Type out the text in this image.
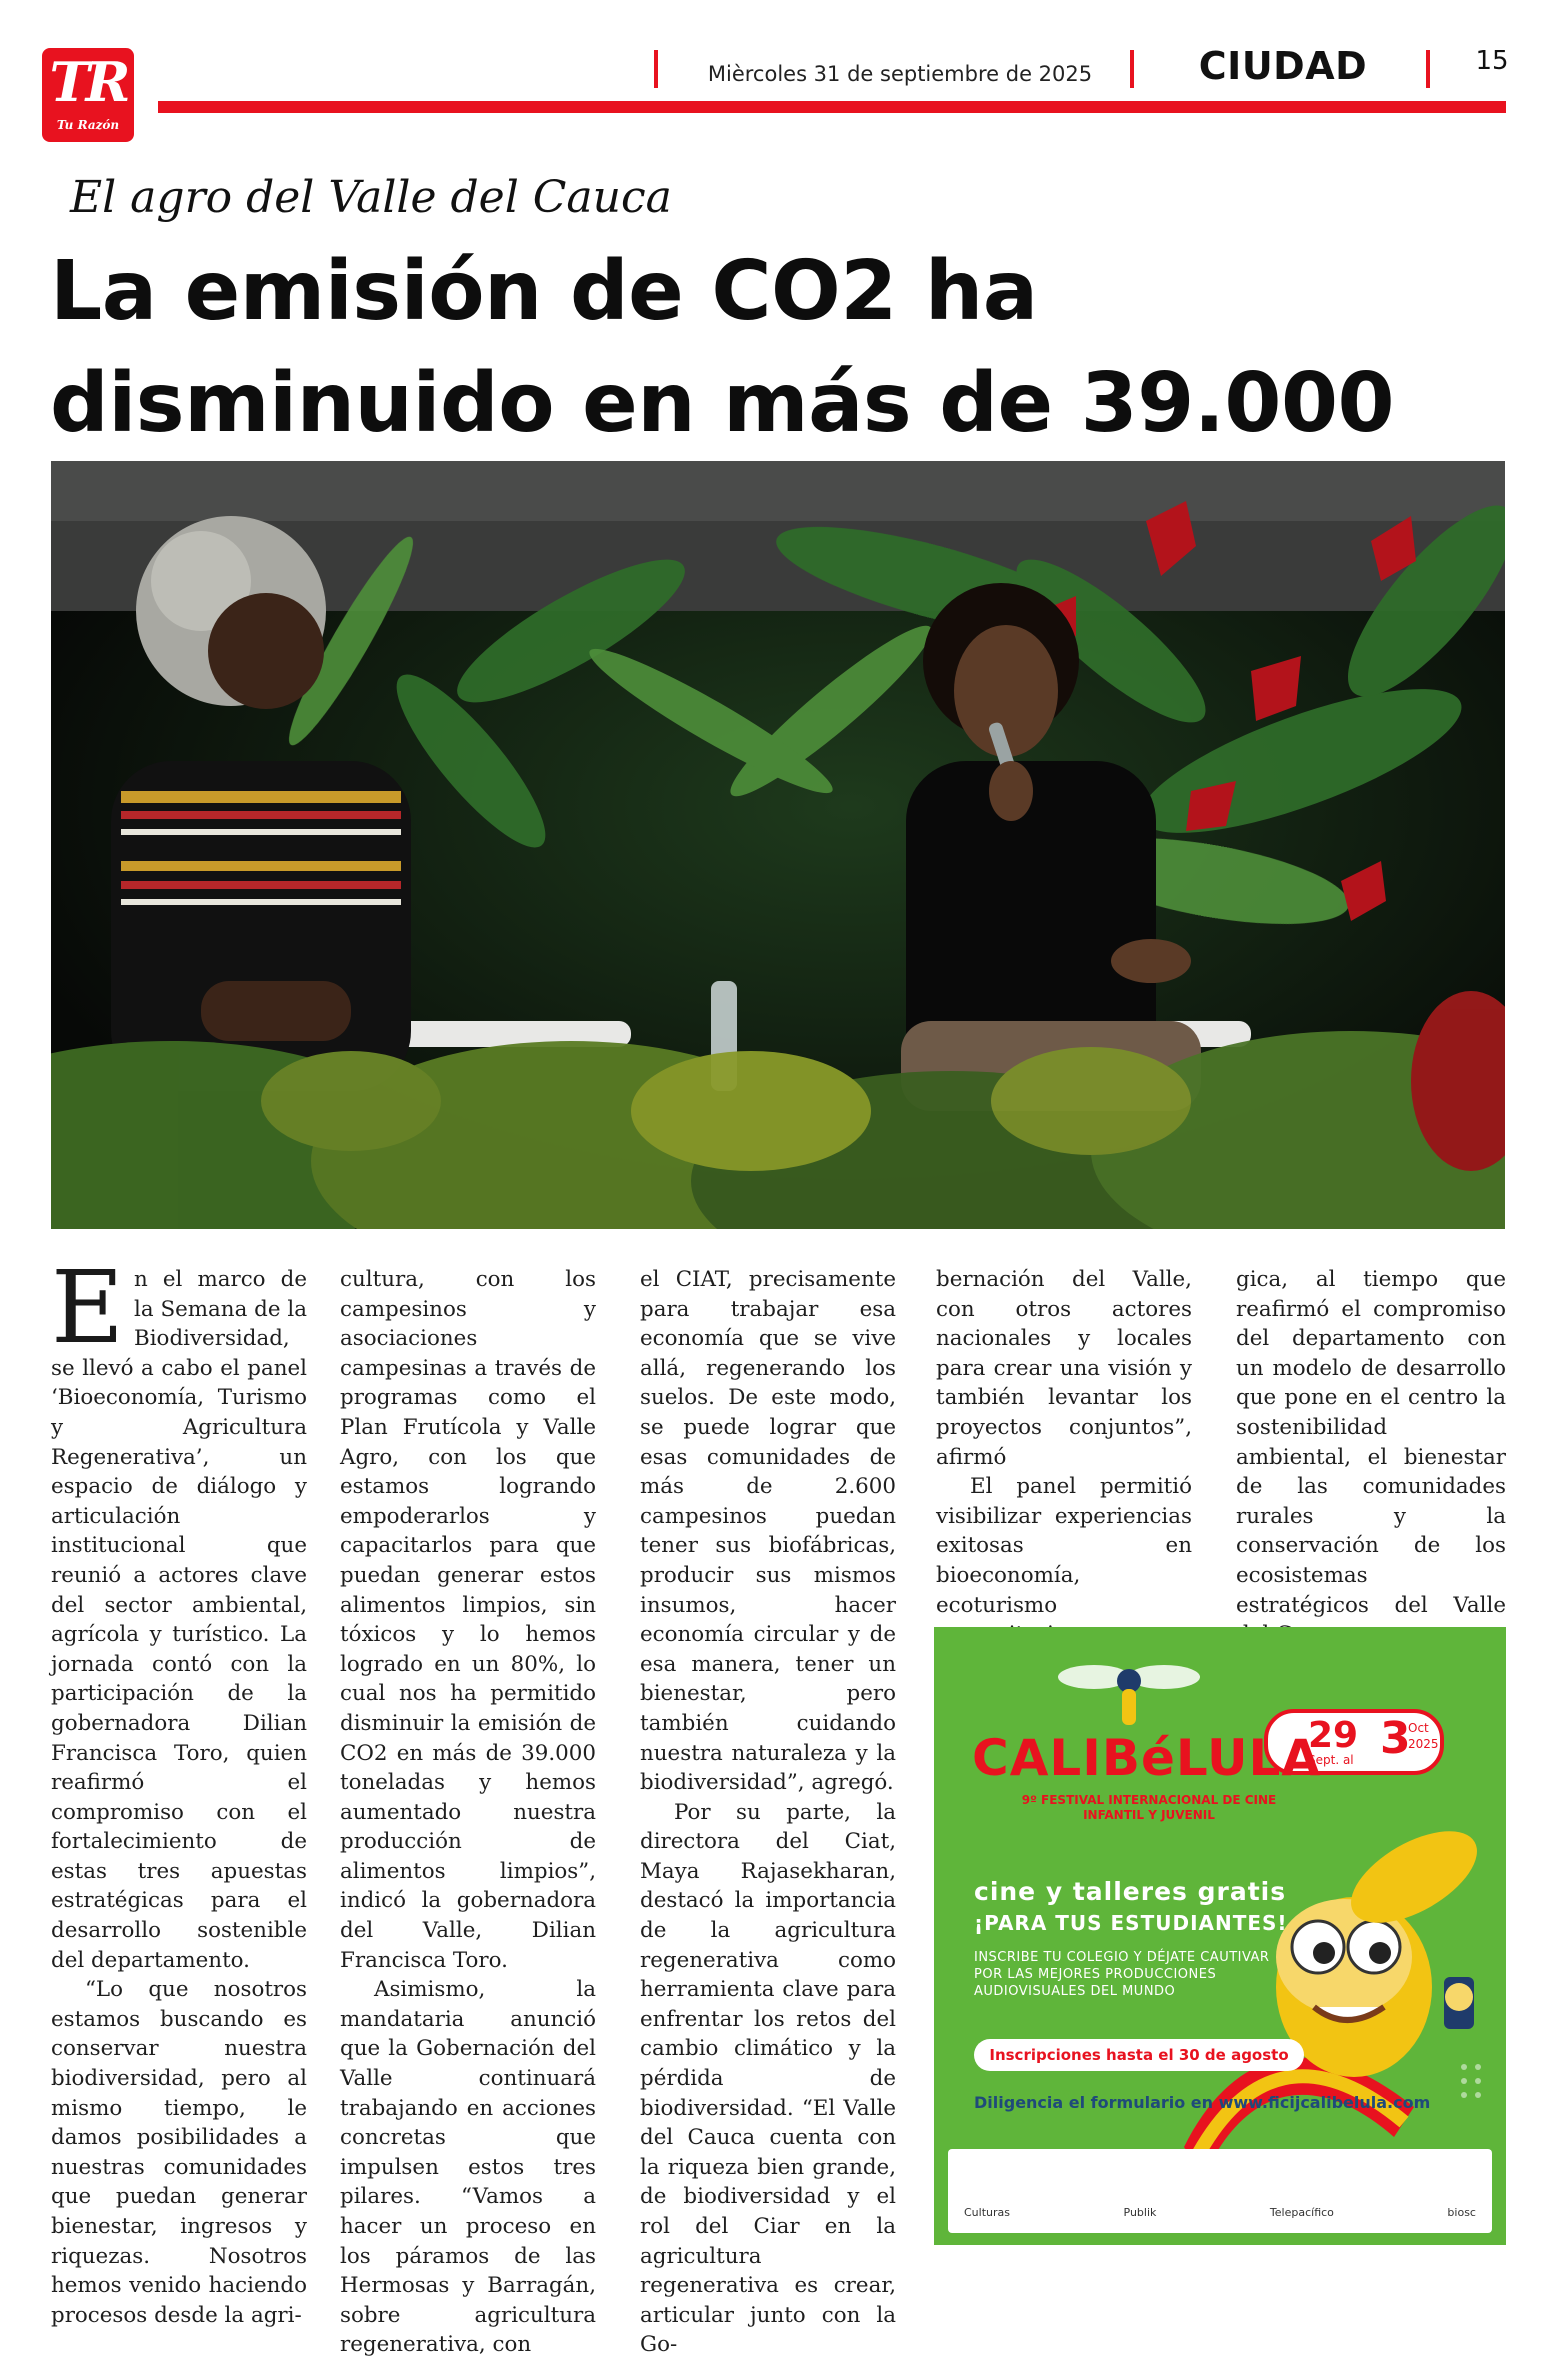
TR
Tu Razón
Mièrcoles 31 de septiembre de 2025	CIUDAD	15
El agro del Valle del Cauca
La emisión de CO2 ha disminuido en más de 39.000

En el marco de la Semana de la Biodiversidad, se llevó a cabo el panel ‘Bioeconomía, Turismo y Agricultura Regenerativa’, un espacio de diálogo y articulación institucional que reunió a actores clave del sector ambiental, agrícola y turístico. La jornada contó con la participación de la gobernadora Dilian Francisca Toro, quien reafirmó el compromiso con el fortalecimiento de estas tres apuestas estratégicas para el desarrollo sostenible del departamento.

“Lo que nosotros estamos buscando es conservar nuestra biodiversidad, pero al mismo tiempo, le damos posibilidades a nuestras comunidades que puedan generar bienestar, ingresos y riquezas. Nosotros hemos venido haciendo procesos desde la agri-

cultura, con los campesinos y asociaciones campesinas a través de programas como el Plan Frutícola y Valle Agro, con los que estamos logrando empoderarlos y capacitarlos para que puedan generar estos alimentos limpios, sin tóxicos y lo hemos logrado en un 80%, lo cual nos ha permitido disminuir la emisión de CO2 en más de 39.000 toneladas y hemos aumentado nuestra producción de alimentos limpios”, indicó la gobernadora del Valle, Dilian Francisca Toro.

Asimismo, la mandataria anunció que la Gobernación del Valle continuará trabajando en acciones concretas que impulsen estos tres pilares. “Vamos a hacer un proceso en los páramos de las Hermosas y Barragán, sobre agricultura regenerativa, con

el CIAT, precisamente para trabajar esa economía que se vive allá, regenerando los suelos. De este modo, se puede lograr que esas comunidades de más de 2.600 campesinos puedan tener sus biofábricas, producir sus mismos insumos, hacer economía circular y de esa manera, tener un bienestar, pero también cuidando nuestra naturaleza y la biodiversidad”, agregó.

Por su parte, la directora del Ciat, Maya Rajasekharan, destacó la importancia de la agricultura regenerativa como herramienta clave para enfrentar los retos del cambio climático y la pérdida de biodiversidad. “El Valle del Cauca cuenta con la riqueza bien grande, de biodiversidad y el rol del Ciar en la agricultura regenerativa es crear, articular junto con la Go-

bernación del Valle, con otros actores nacionales y locales para crear una visión y también levantar los proyectos conjuntos”, afirmó

El panel permitió visibilizar experiencias exitosas en bioeconomía, ecoturismo

gica, al tiempo que reafirmó el compromiso del departamento con un modelo de desarrollo que pone en el centro la sostenibilidad ambiental, el bienestar de las comunidades rurales y la conservación de los ecosistemas estratégicos del Valle

29
Sept. al 3
Oct
2025
CALIBéLULA
9º FESTIVAL INTERNACIONAL DE CINE INFANTIL Y JUVENIL
cine y talleres gratis
¡PARA TUS ESTUDIANTES!
INSCRIBE TU COLEGIO Y DÉJATE CAUTIVAR POR LAS MEJORES PRODUCCIONES AUDIOVISUALES DEL MUNDO
Inscripciones hasta el 30 de agosto
Diligencia el formulario en www.ficijcalibelula.com
Culturas	Publik	Telepacífico	biosc
